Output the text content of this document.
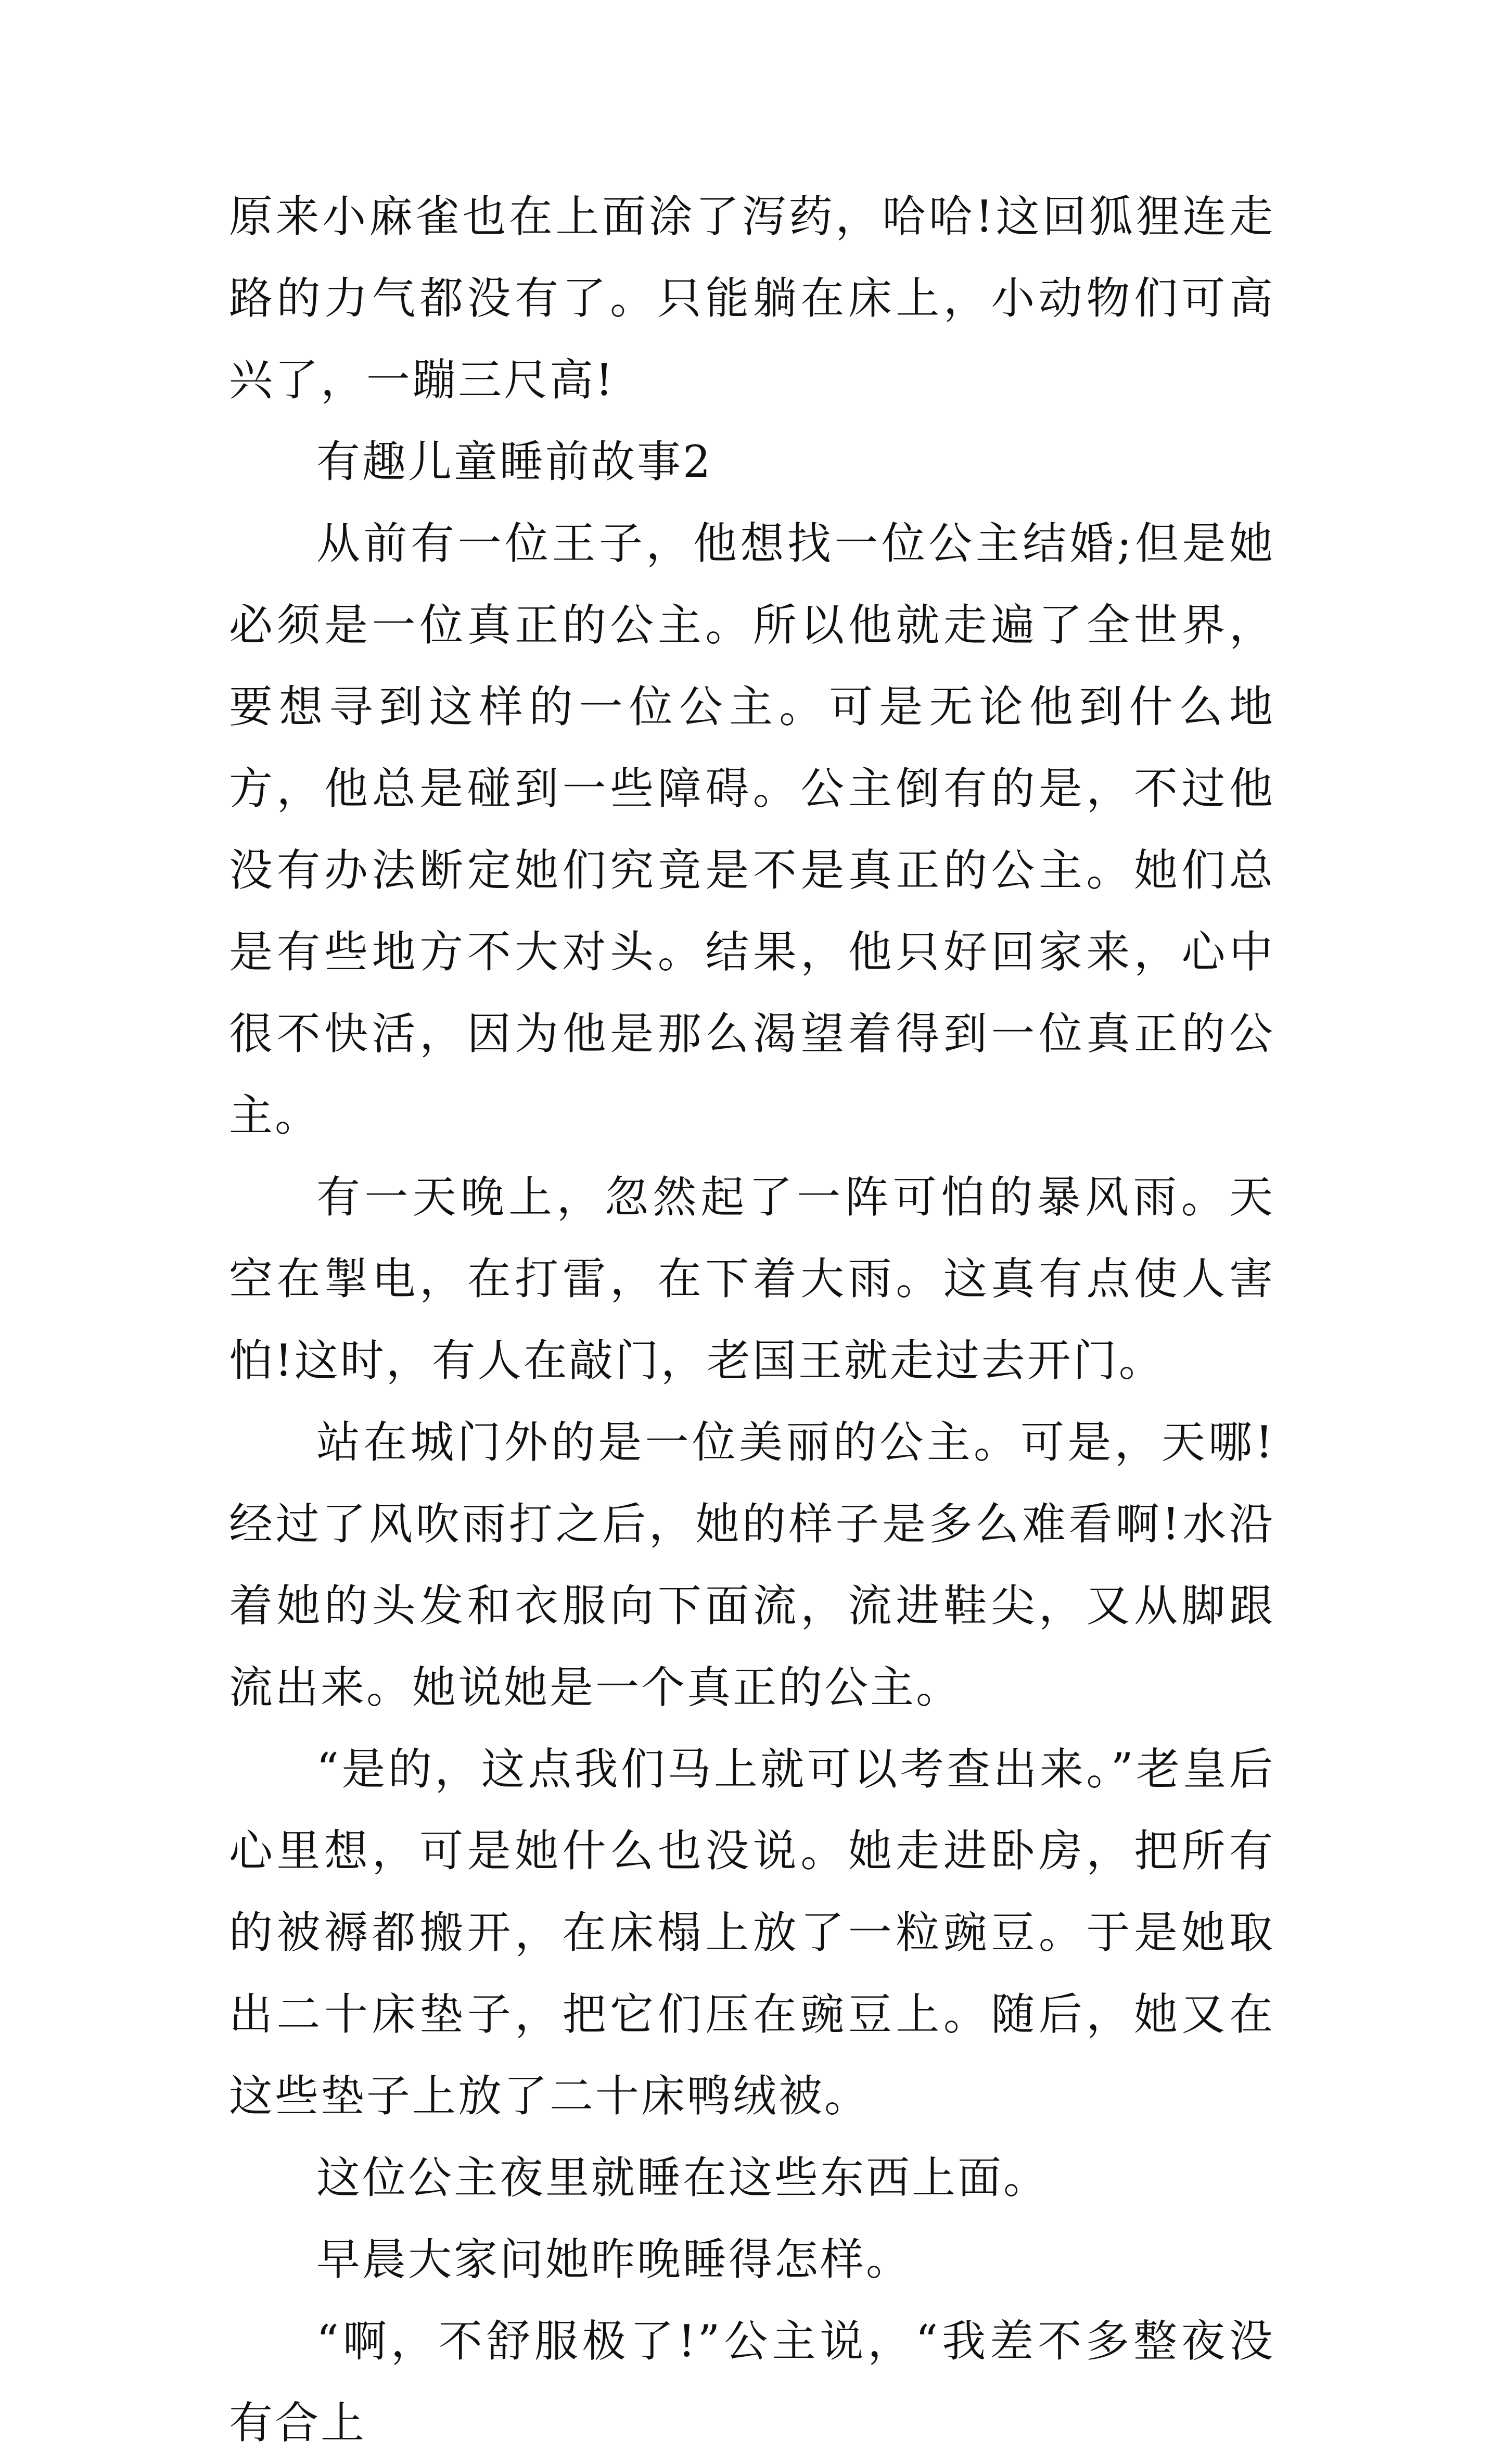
原来小麻雀也在上面涂了泻药，哈哈!这回狐狸连走路的力气都没有了。只能躺在床上，小动物们可高兴了，一蹦三尺高!

有趣儿童睡前故事2

从前有一位王子，他想找一位公主结婚;但是她必须是一位真正的公主。所以他就走遍了全世界，要想寻到这样的一位公主。可是无论他到什么地方，他总是碰到一些障碍。公主倒有的是，不过他没有办法断定她们究竟是不是真正的公主。她们总是有些地方不大对头。结果，他只好回家来，心中很不快活，因为他是那么渴望着得到一位真正的公主。

有一天晚上，忽然起了一阵可怕的暴风雨。天空在掣电，在打雷，在下着大雨。这真有点使人害怕!这时，有人在敲门，老国王就走过去开门。

站在城门外的是一位美丽的公主。可是，天哪!经过了风吹雨打之后，她的样子是多么难看啊!水沿着她的头发和衣服向下面流，流进鞋尖，又从脚跟流出来。她说她是一个真正的公主。

“是的，这点我们马上就可以考查出来。”老皇后心里想，可是她什么也没说。她走进卧房，把所有的被褥都搬开，在床榻上放了一粒豌豆。于是她取出二十床垫子，把它们压在豌豆上。随后，她又在这些垫子上放了二十床鸭绒被。

这位公主夜里就睡在这些东西上面。

早晨大家问她昨晚睡得怎样。

“啊，不舒服极了!”公主说，“我差不多整夜没有合上
